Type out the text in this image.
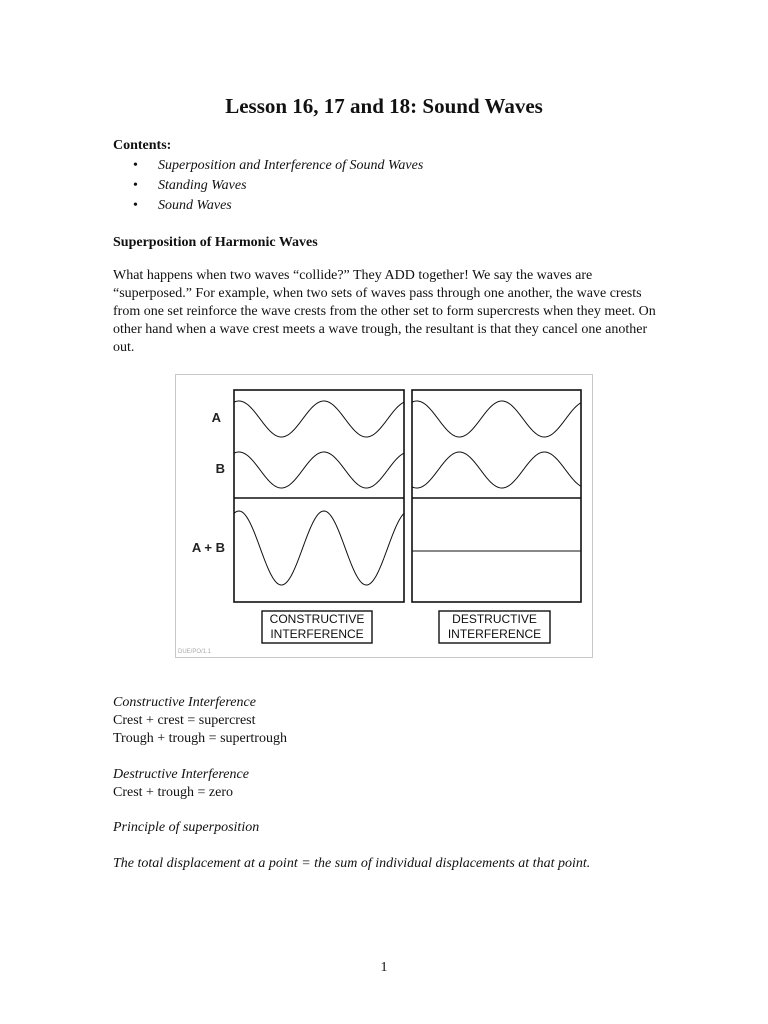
Lesson 16, 17 and 18: Sound Waves
Contents:
• Superposition and Interference of Sound Waves
• Standing Waves
• Sound Waves
Superposition of Harmonic Waves

What happens when two waves “collide?” They ADD together! We say the waves are “superposed.” For example, when two sets of waves pass through one another, the wave crests from one set reinforce the wave crests from the other set to form supercrests when they meet. On other hand when a wave crest meets a wave trough, the resultant is that they cancel one another out.

A
B
A + B
CONSTRUCTIVE
INTERFERENCE
DESTRUCTIVE
INTERFERENCE
DUE/PO/1.1
Constructive Interference
Crest + crest = supercrest
Trough + trough = supertrough
Destructive Interference
Crest + trough = zero
Principle of superposition
The total displacement at a point = the sum of individual displacements at that point.
1
